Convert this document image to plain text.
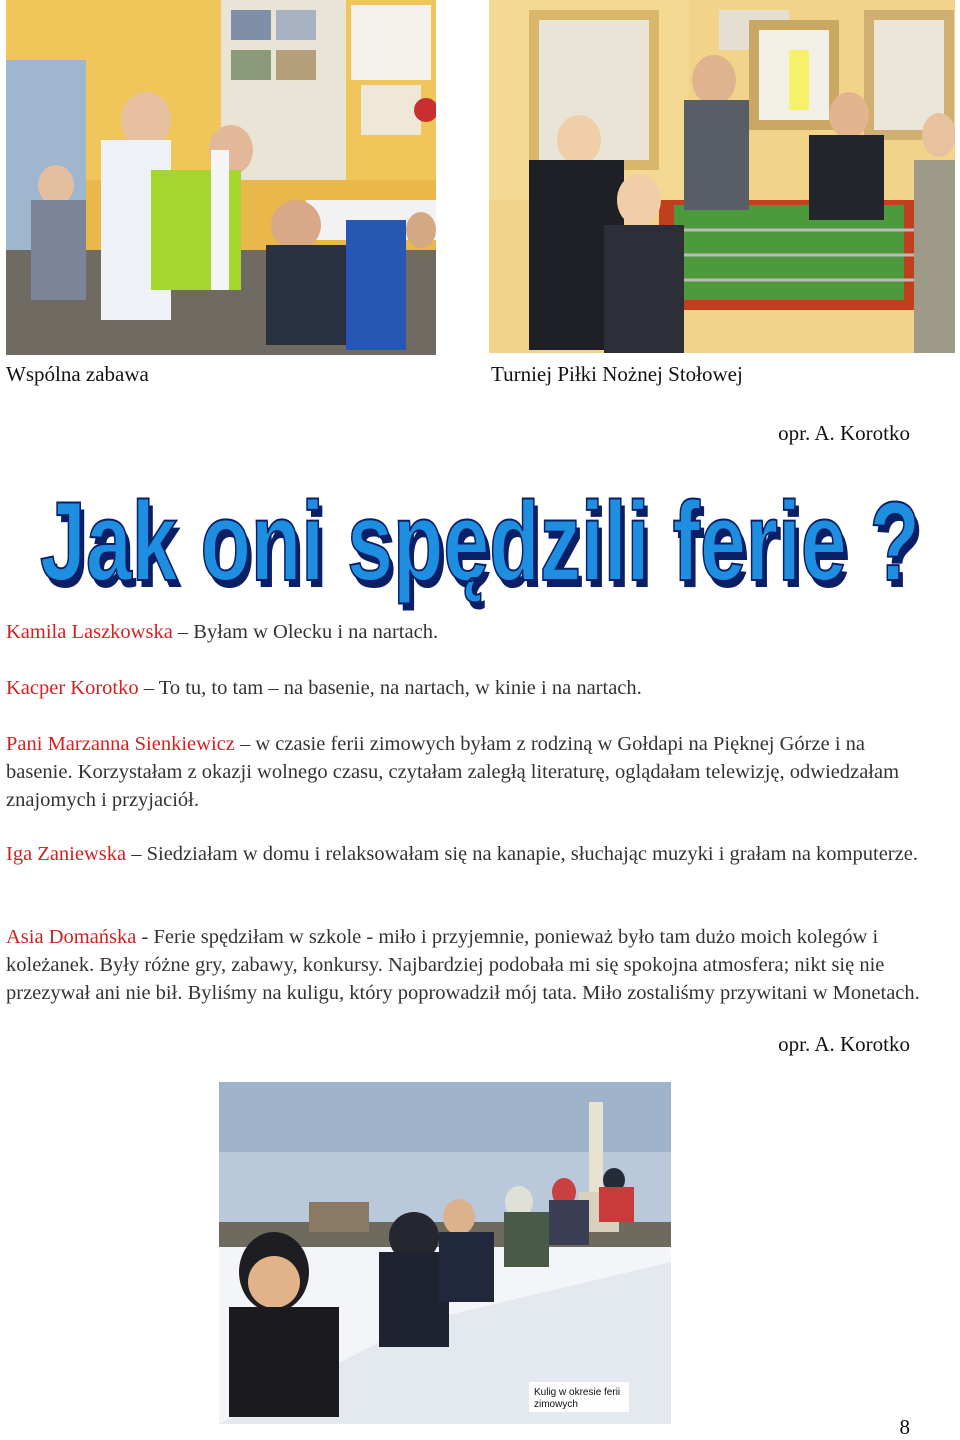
Wspólna zabawa	Turniej Piłki Nożnej Stołowej
opr. A. Korotko
Jak oni spędzili ferie ?
Jak oni spędzili ferie ?

Kamila Laszkowska – Byłam w Olecku i na nartach.

Kacper Korotko – To tu, to tam – na basenie, na nartach, w kinie i na nartach.

Pani Marzanna Sienkiewicz – w czasie ferii zimowych byłam z rodziną w Gołdapi na Pięknej Górze i na basenie. Korzystałam z okazji wolnego czasu, czytałam zaległą literaturę, oglądałam telewizję, odwiedzałam znajomych i przyjaciół.

Iga Zaniewska – Siedziałam w domu i relaksowałam się na kanapie, słuchając muzyki i grałam na komputerze.

Asia Domańska - Ferie spędziłam w szkole - miło i przyjemnie, ponieważ było tam dużo moich kolegów i koleżanek. Były różne gry, zabawy, konkursy. Najbardziej podobała mi się spokojna atmosfera; nikt się nie przezywał ani nie bił. Byliśmy na kuligu, który poprowadził mój tata. Miło zostaliśmy przywitani w Monetach.

opr. A. Korotko
Kulig w okresie ferii zimowych
8
